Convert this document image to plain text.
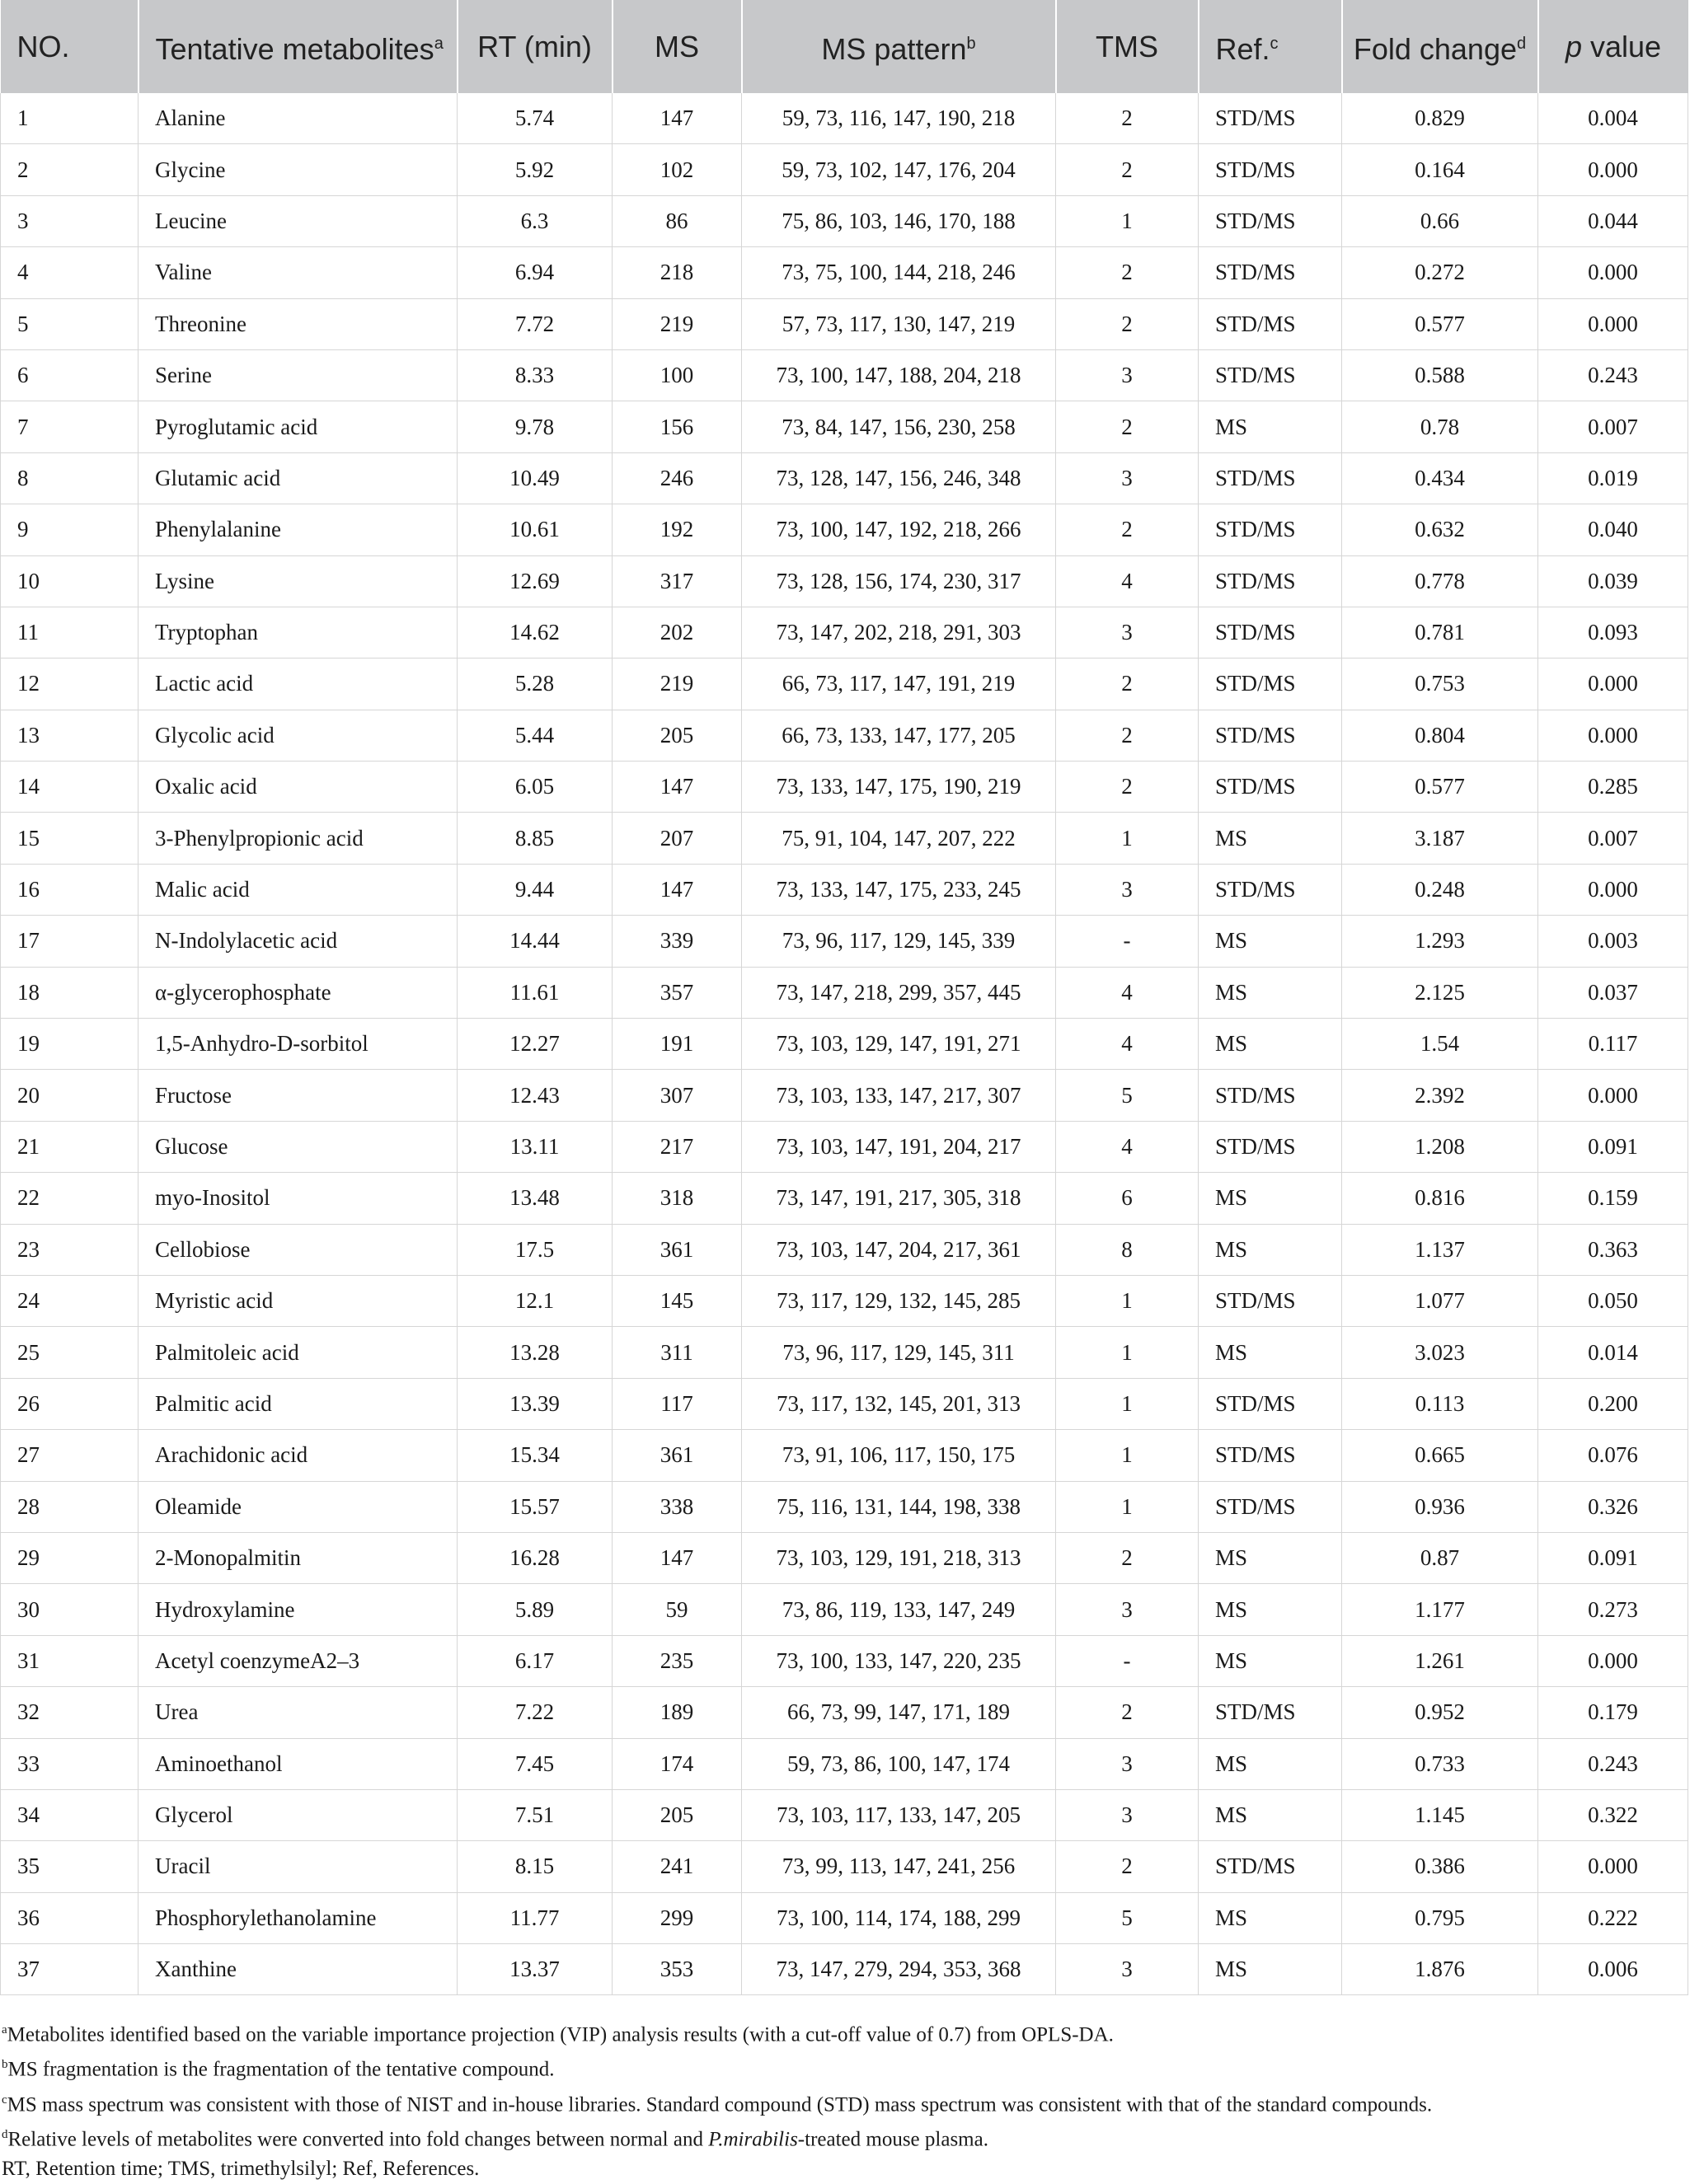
NO.	Tentative metabolites$^a$	RT (min)	MS	MS pattern$^b$	TMS	Ref.$^c$	Fold change$^d$	p value
1	Alanine	5.74	147	59, 73, 116, 147, 190, 218	2	STD/MS	0.829	0.004
2	Glycine	5.92	102	59, 73, 102, 147, 176, 204	2	STD/MS	0.164	0.000
3	Leucine	6.3	86	75, 86, 103, 146, 170, 188	1	STD/MS	0.66	0.044
4	Valine	6.94	218	73, 75, 100, 144, 218, 246	2	STD/MS	0.272	0.000
5	Threonine	7.72	219	57, 73, 117, 130, 147, 219	2	STD/MS	0.577	0.000
6	Serine	8.33	100	73, 100, 147, 188, 204, 218	3	STD/MS	0.588	0.243
7	Pyroglutamic acid	9.78	156	73, 84, 147, 156, 230, 258	2	MS	0.78	0.007
8	Glutamic acid	10.49	246	73, 128, 147, 156, 246, 348	3	STD/MS	0.434	0.019
9	Phenylalanine	10.61	192	73, 100, 147, 192, 218, 266	2	STD/MS	0.632	0.040
10	Lysine	12.69	317	73, 128, 156, 174, 230, 317	4	STD/MS	0.778	0.039
11	Tryptophan	14.62	202	73, 147, 202, 218, 291, 303	3	STD/MS	0.781	0.093
12	Lactic acid	5.28	219	66, 73, 117, 147, 191, 219	2	STD/MS	0.753	0.000
13	Glycolic acid	5.44	205	66, 73, 133, 147, 177, 205	2	STD/MS	0.804	0.000
14	Oxalic acid	6.05	147	73, 133, 147, 175, 190, 219	2	STD/MS	0.577	0.285
15	3-Phenylpropionic acid	8.85	207	75, 91, 104, 147, 207, 222	1	MS	3.187	0.007
16	Malic acid	9.44	147	73, 133, 147, 175, 233, 245	3	STD/MS	0.248	0.000
17	N-Indolylacetic acid	14.44	339	73, 96, 117, 129, 145, 339	-	MS	1.293	0.003
18	α-glycerophosphate	11.61	357	73, 147, 218, 299, 357, 445	4	MS	2.125	0.037
19	1,5-Anhydro-D-sorbitol	12.27	191	73, 103, 129, 147, 191, 271	4	MS	1.54	0.117
20	Fructose	12.43	307	73, 103, 133, 147, 217, 307	5	STD/MS	2.392	0.000
21	Glucose	13.11	217	73, 103, 147, 191, 204, 217	4	STD/MS	1.208	0.091
22	myo-Inositol	13.48	318	73, 147, 191, 217, 305, 318	6	MS	0.816	0.159
23	Cellobiose	17.5	361	73, 103, 147, 204, 217, 361	8	MS	1.137	0.363
24	Myristic acid	12.1	145	73, 117, 129, 132, 145, 285	1	STD/MS	1.077	0.050
25	Palmitoleic acid	13.28	311	73, 96, 117, 129, 145, 311	1	MS	3.023	0.014
26	Palmitic acid	13.39	117	73, 117, 132, 145, 201, 313	1	STD/MS	0.113	0.200
27	Arachidonic acid	15.34	361	73, 91, 106, 117, 150, 175	1	STD/MS	0.665	0.076
28	Oleamide	15.57	338	75, 116, 131, 144, 198, 338	1	STD/MS	0.936	0.326
29	2-Monopalmitin	16.28	147	73, 103, 129, 191, 218, 313	2	MS	0.87	0.091
30	Hydroxylamine	5.89	59	73, 86, 119, 133, 147, 249	3	MS	1.177	0.273
31	Acetyl coenzymeA2–3	6.17	235	73, 100, 133, 147, 220, 235	-	MS	1.261	0.000
32	Urea	7.22	189	66, 73, 99, 147, 171, 189	2	STD/MS	0.952	0.179
33	Aminoethanol	7.45	174	59, 73, 86, 100, 147, 174	3	MS	0.733	0.243
34	Glycerol	7.51	205	73, 103, 117, 133, 147, 205	3	MS	1.145	0.322
35	Uracil	8.15	241	73, 99, 113, 147, 241, 256	2	STD/MS	0.386	0.000
36	Phosphorylethanolamine	11.77	299	73, 100, 114, 174, 188, 299	5	MS	0.795	0.222
37	Xanthine	13.37	353	73, 147, 279, 294, 353, 368	3	MS	1.876	0.006

$^a$Metabolites identified based on the variable importance projection (VIP) analysis results (with a cut-off value of 0.7) from OPLS-DA.

$^b$MS fragmentation is the fragmentation of the tentative compound.

$^c$MS mass spectrum was consistent with those of NIST and in-house libraries. Standard compound (STD) mass spectrum was consistent with that of the standard compounds.

$^d$Relative levels of metabolites were converted into fold changes between normal and P.mirabilis-treated mouse plasma.

RT, Retention time; TMS, trimethylsilyl; Ref, References.
